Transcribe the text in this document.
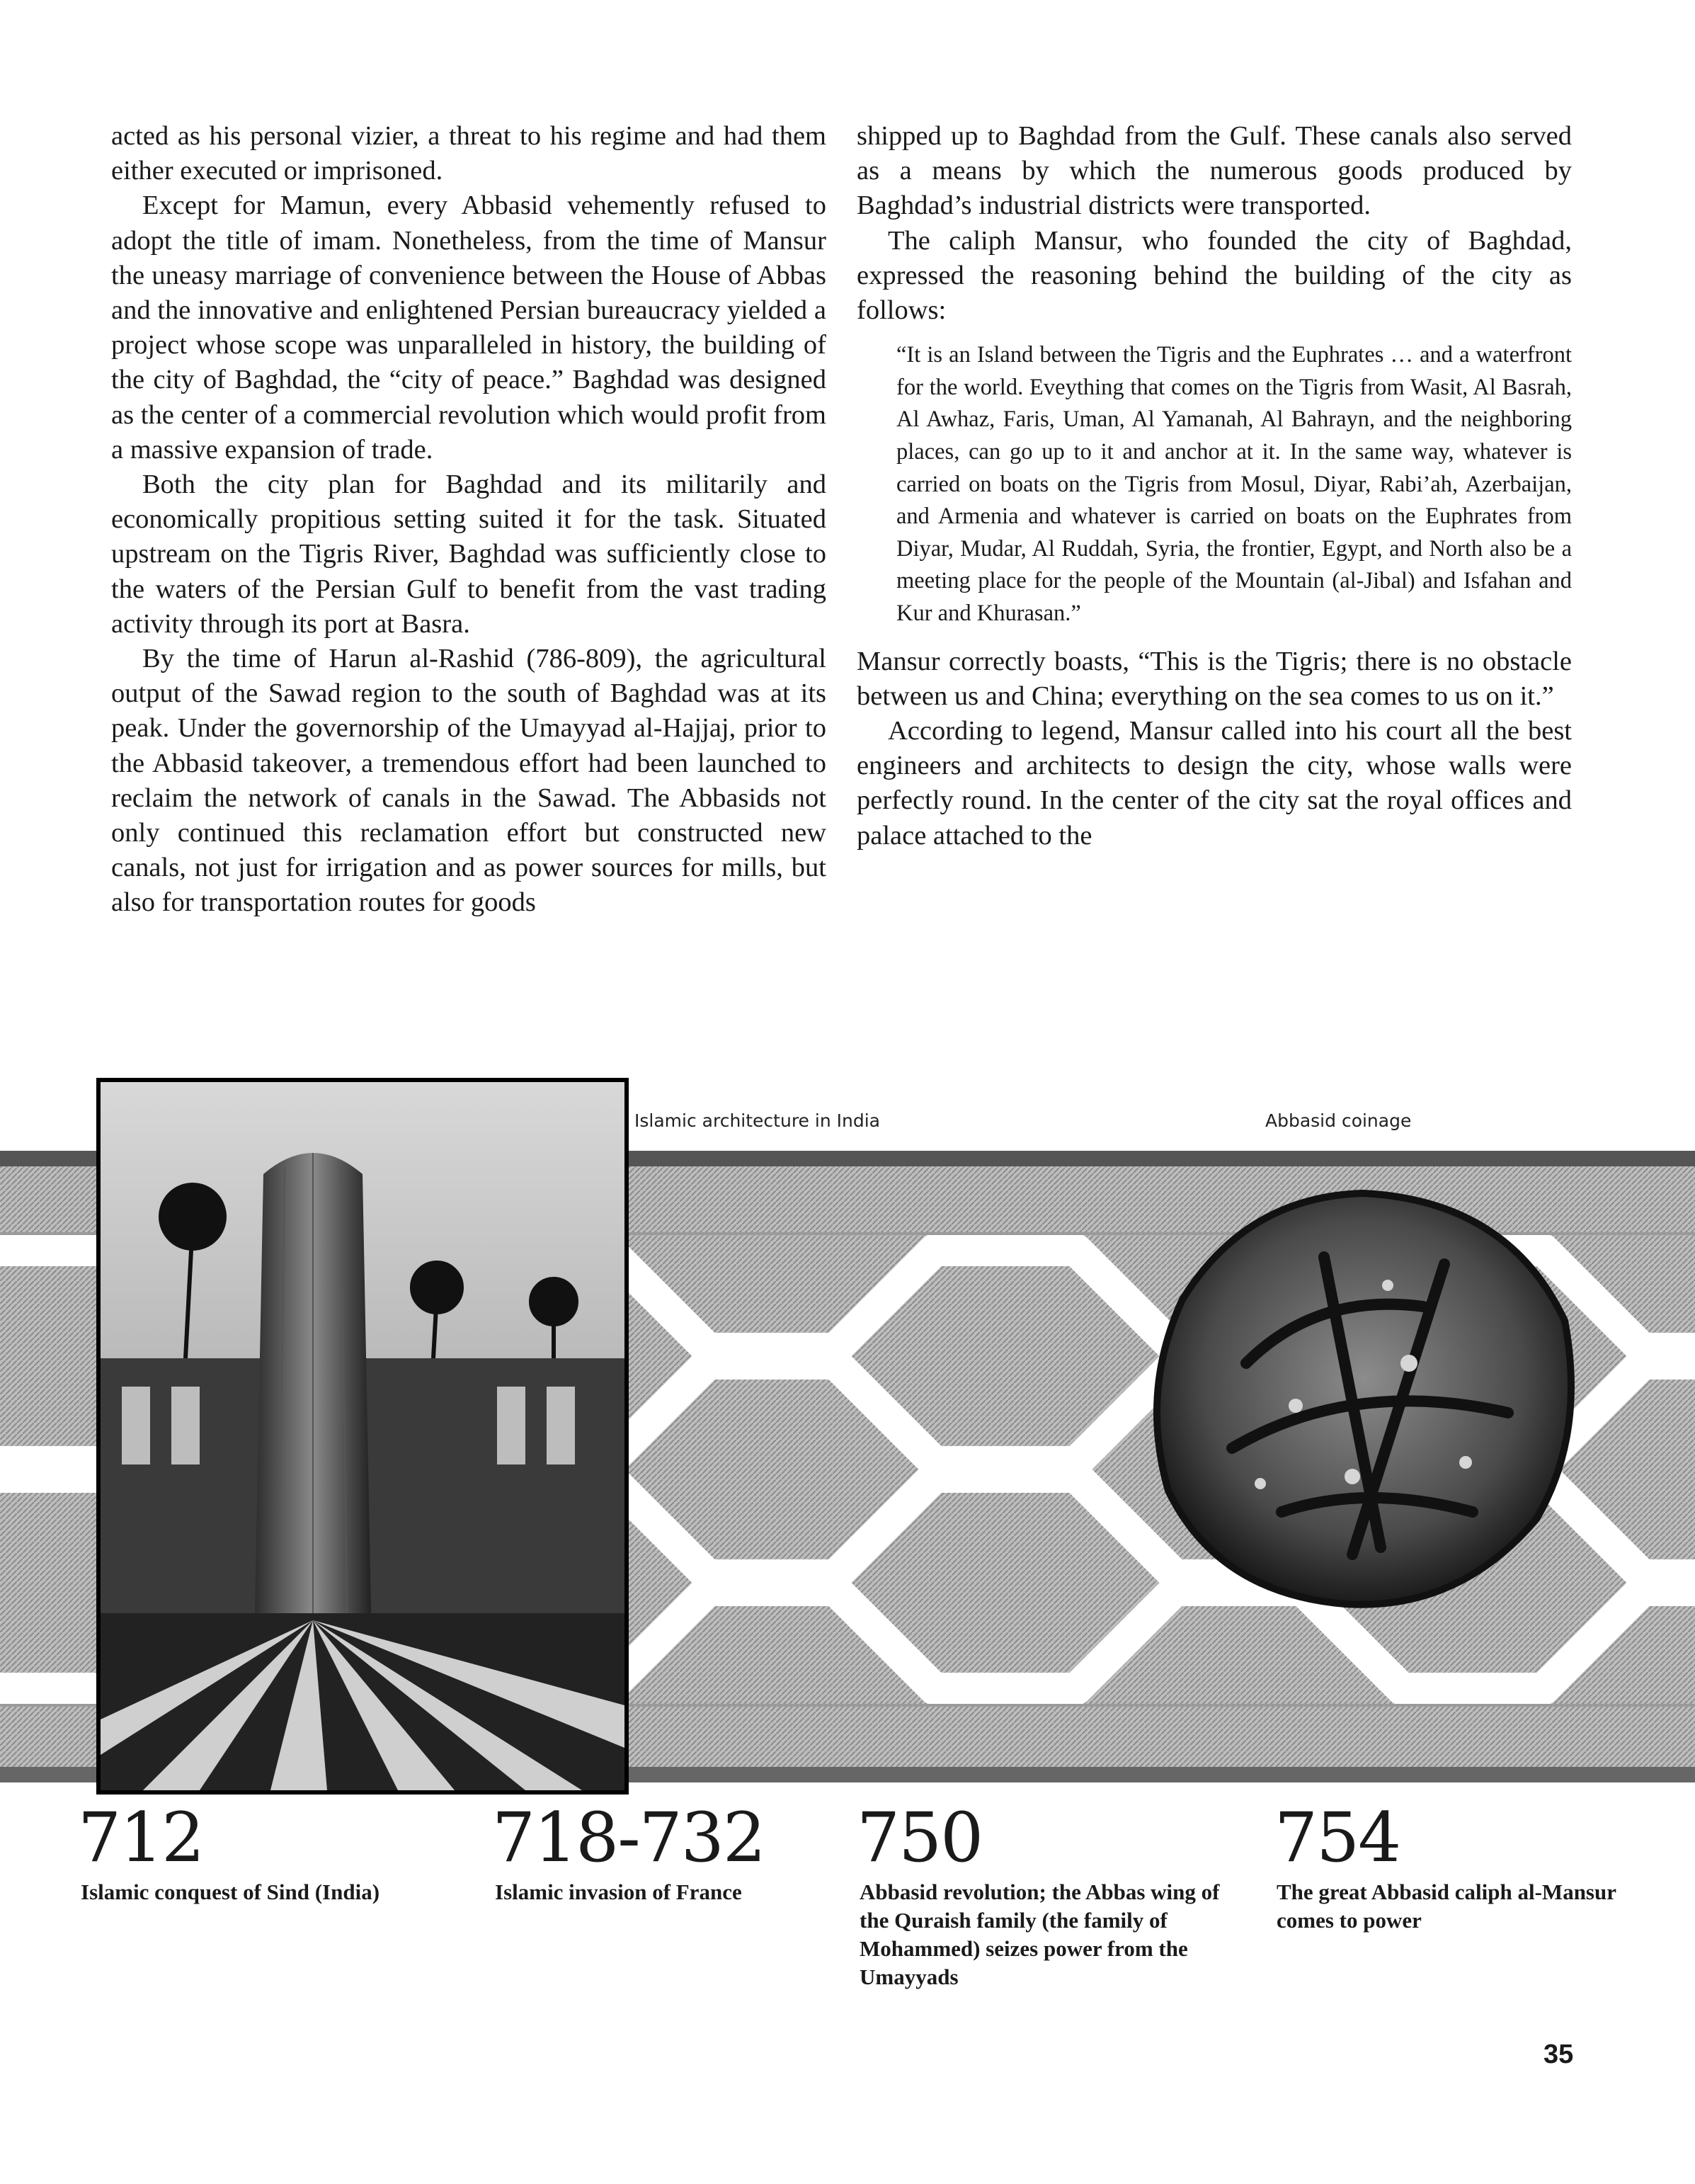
acted as his personal vizier, a threat to his regime and had them either executed or imprisoned.

Except for Mamun, every Abbasid vehemently refused to adopt the title of imam. Nonetheless, from the time of Mansur the uneasy marriage of convenience between the House of Abbas and the innovative and enlightened Persian bureaucracy yielded a project whose scope was unparalleled in history, the building of the city of Baghdad, the “city of peace.” Baghdad was designed as the center of a commercial revolution which would profit from a massive expansion of trade.

Both the city plan for Baghdad and its militarily and economically propitious setting suited it for the task. Situated upstream on the Tigris River, Baghdad was sufficiently close to the waters of the Persian Gulf to benefit from the vast trading activity through its port at Basra.

By the time of Harun al-Rashid (786-809), the agricultural output of the Sawad region to the south of Baghdad was at its peak. Under the governorship of the Umayyad al-Hajjaj, prior to the Abbasid takeover, a tremendous effort had been launched to reclaim the network of canals in the Sawad. The Abbasids not only continued this reclamation effort but constructed new canals, not just for irrigation and as power sources for mills, but also for transportation routes for goods

shipped up to Baghdad from the Gulf. These canals also served as a means by which the numerous goods produced by Baghdad’s industrial districts were transported.

The caliph Mansur, who founded the city of Baghdad, expressed the reasoning behind the building of the city as follows:

“It is an Island between the Tigris and the Euphrates … and a waterfront for the world. Eveything that comes on the Tigris from Wasit, Al Basrah, Al Awhaz, Faris, Uman, Al Yamanah, Al Bahrayn, and the neighboring places, can go up to it and anchor at it. In the same way, whatever is carried on boats on the Tigris from Mosul, Diyar, Rabi’ah, Azerbaijan, and Armenia and whatever is carried on boats on the Euphrates from Diyar, Mudar, Al Ruddah, Syria, the frontier, Egypt, and North also be a meeting place for the people of the Mountain (al-Jibal) and Isfahan and Kur and Khurasan.”

Mansur correctly boasts, “This is the Tigris; there is no obstacle between us and China; everything on the sea comes to us on it.”

According to legend, Mansur called into his court all the best engineers and architects to design the city, whose walls were perfectly round. In the center of the city sat the royal offices and palace attached to the

Islamic architecture in India	Abbasid coinage
712
Islamic conquest of Sind (India)
718-732
Islamic invasion of France
750
Abbasid revolution; the Abbas wing of the Quraish family (the family of Mohammed) seizes power from the Umayyads
754
The great Abbasid caliph al-Mansur comes to power
35
